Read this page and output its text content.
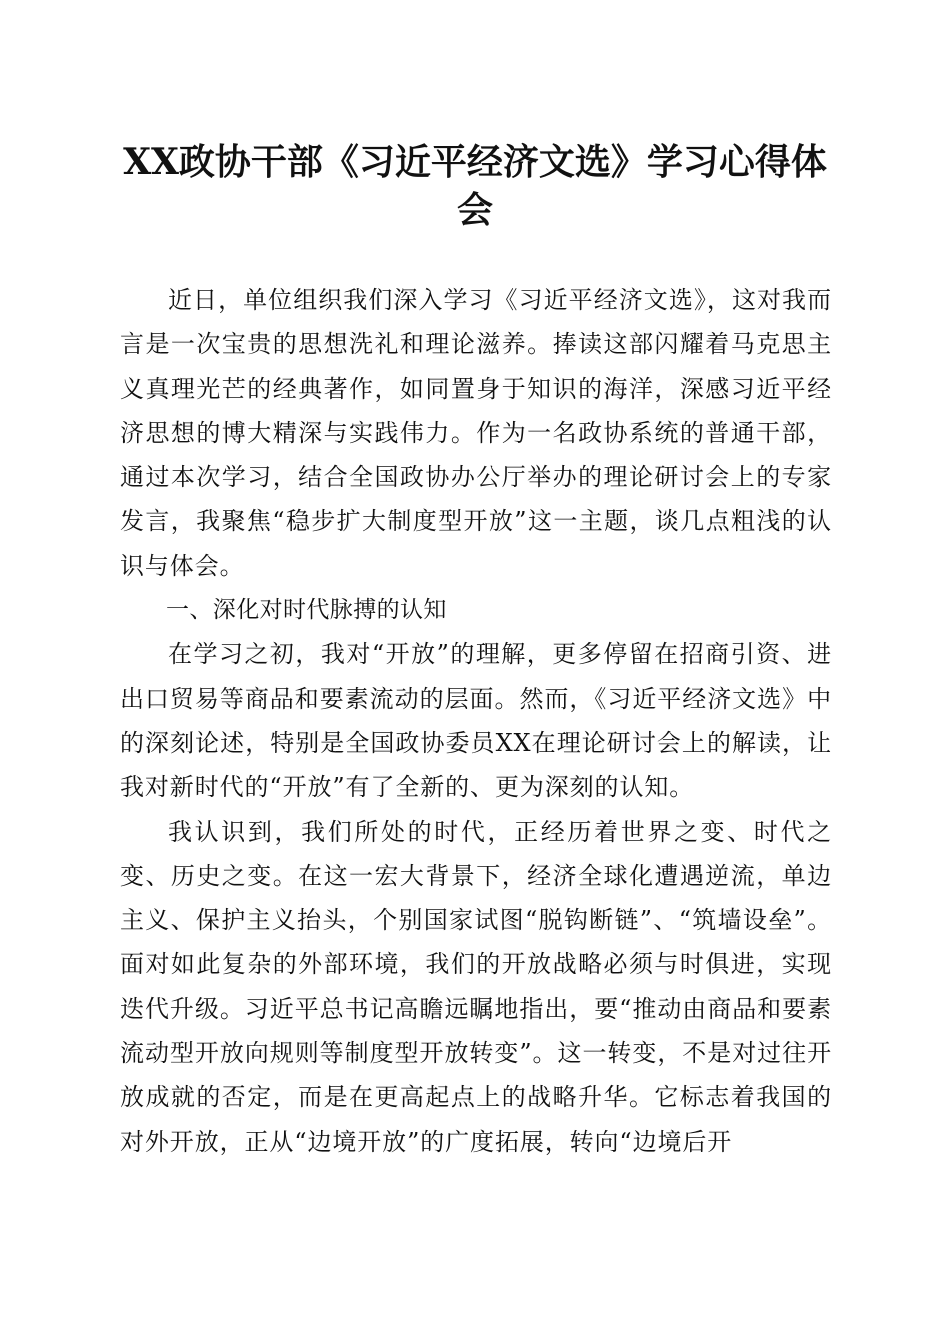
XX政协干部《习近平经济文选》学习心得体会

近日，单位组织我们深入学习《习近平经济文选》，这对我而言是一次宝贵的思想洗礼和理论滋养。捧读这部闪耀着马克思主义真理光芒的经典著作，如同置身于知识的海洋，深感习近平经济思想的博大精深与实践伟力。作为一名政协系统的普通干部，通过本次学习，结合全国政协办公厅举办的理论研讨会上的专家发言，我聚焦“稳步扩大制度型开放”这一主题，谈几点粗浅的认识与体会。

一、深化对时代脉搏的认知

在学习之初，我对“开放”的理解，更多停留在招商引资、进出口贸易等商品和要素流动的层面。然而，《习近平经济文选》中的深刻论述，特别是全国政协委员XX在理论研讨会上的解读，让我对新时代的“开放”有了全新的、更为深刻的认知。

我认识到，我们所处的时代，正经历着世界之变、时代之变、历史之变。在这一宏大背景下，经济全球化遭遇逆流，单边主义、保护主义抬头，个别国家试图“脱钩断链”、“筑墙设垒”。面对如此复杂的外部环境，我们的开放战略必须与时俱进，实现迭代升级。习近平总书记高瞻远瞩地指出，要“推动由商品和要素流动型开放向规则等制度型开放转变”。这一转变，不是对过往开放成就的否定，而是在更高起点上的战略升华。它标志着我国的对外开放，正从“边境开放”的广度拓展，转向“边境后开
